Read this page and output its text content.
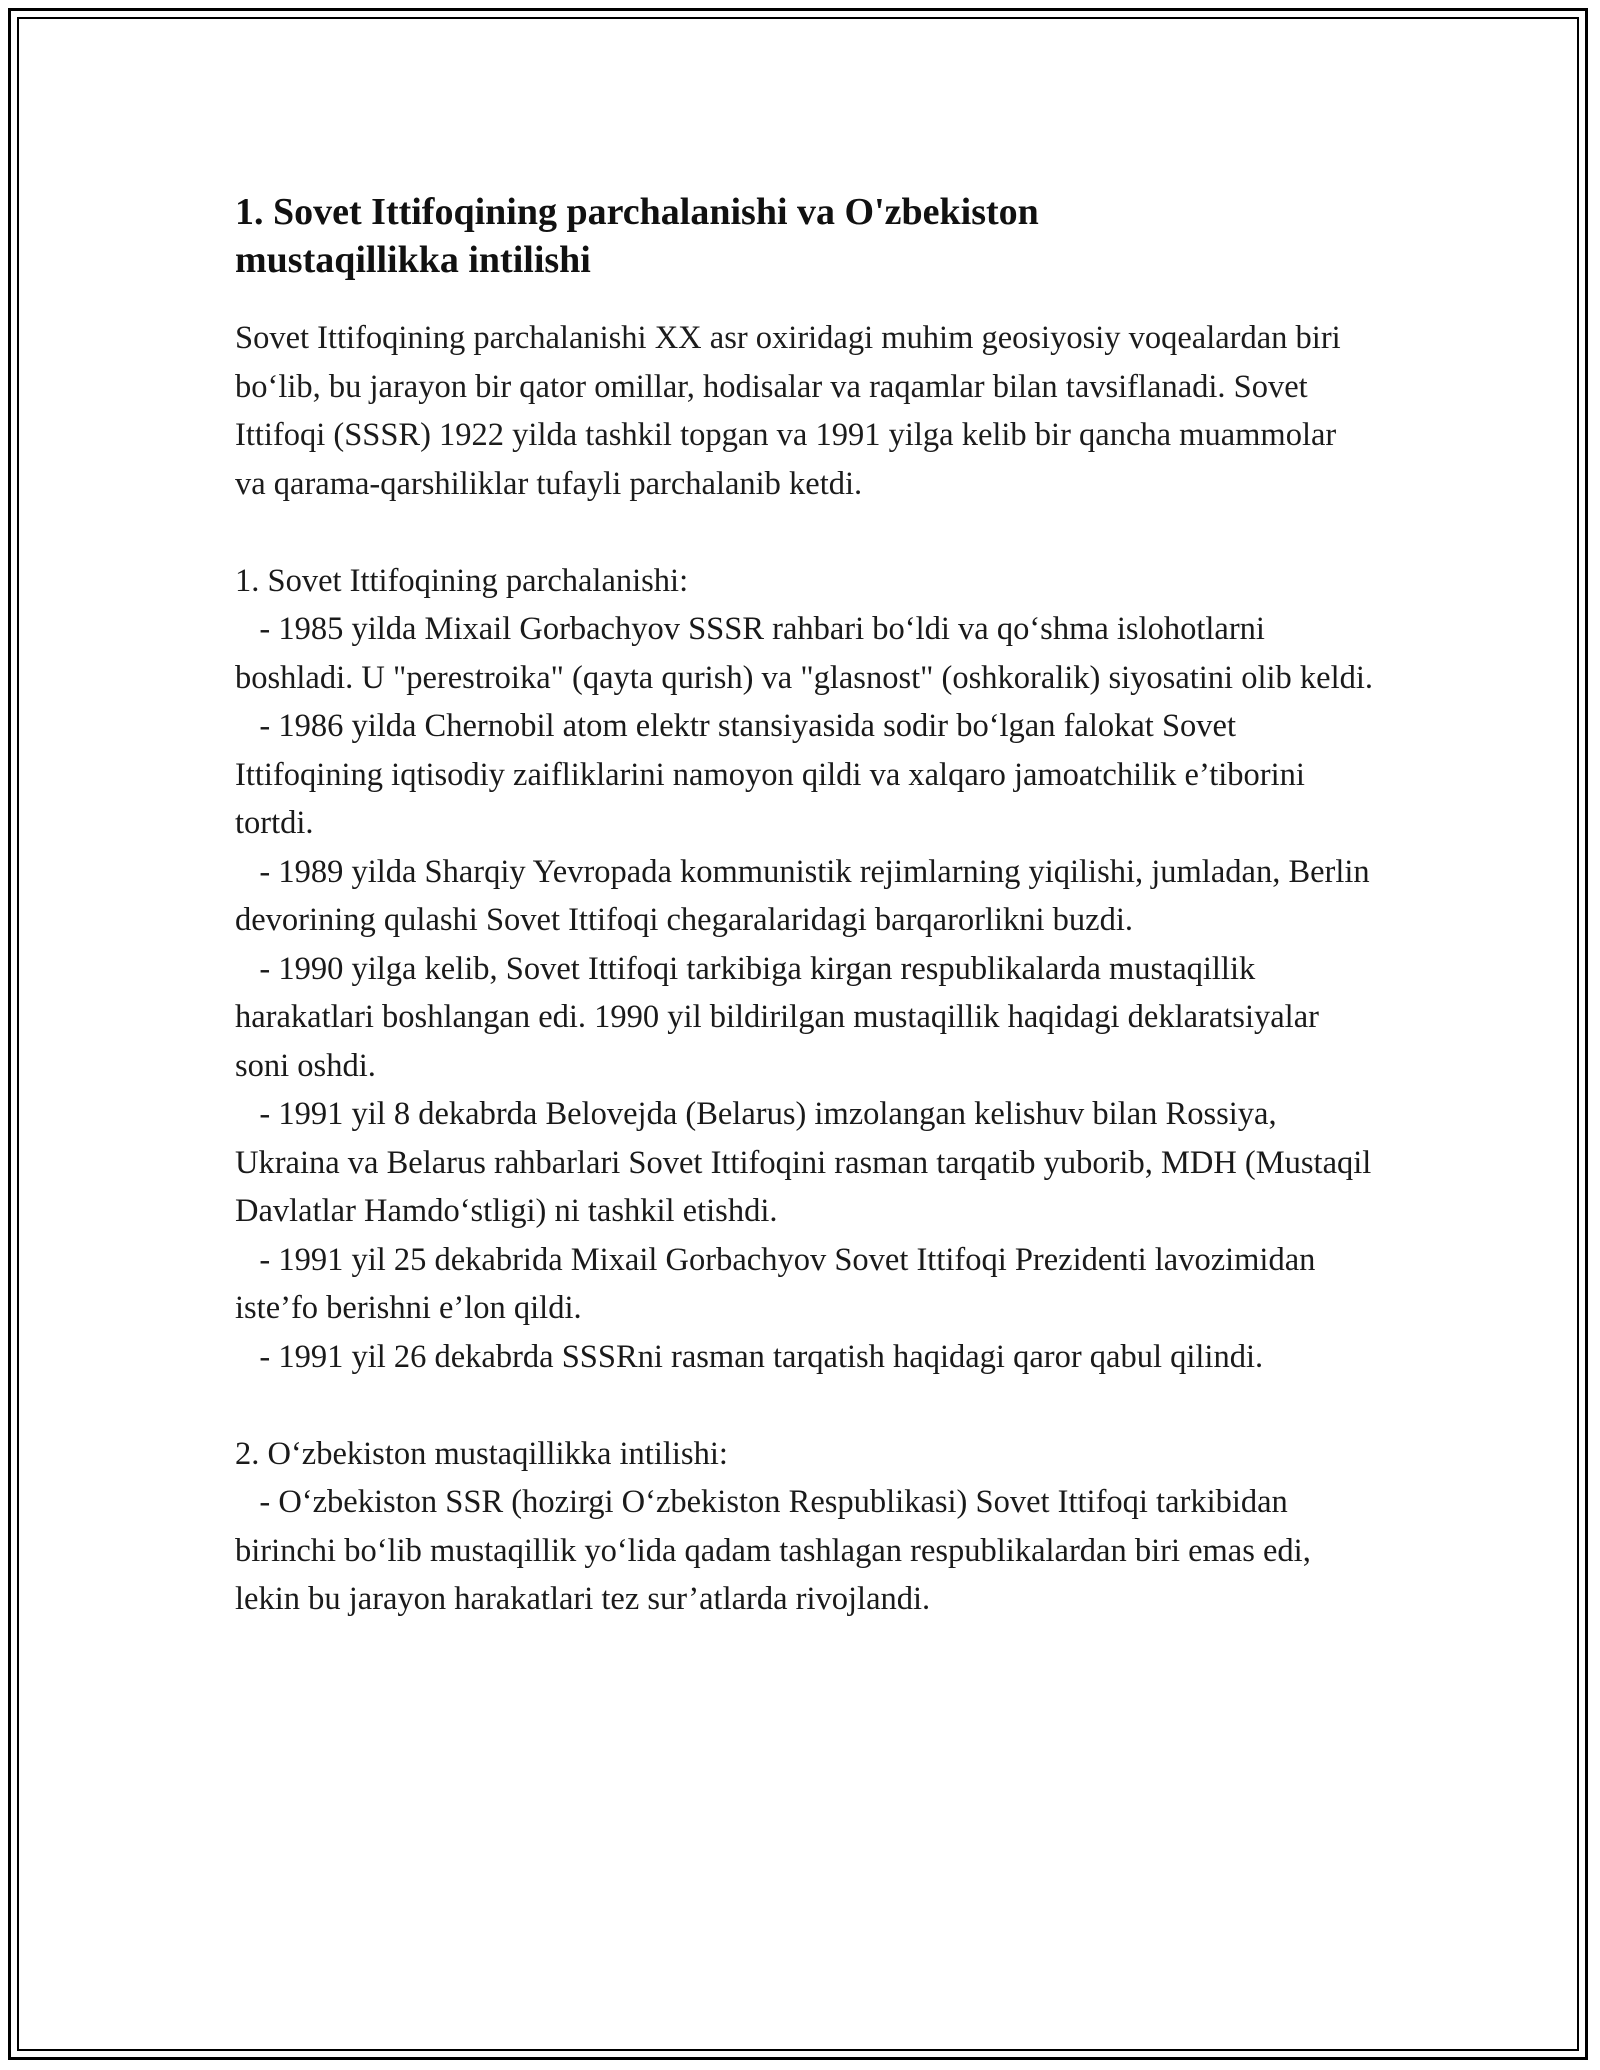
1. Sovet Ittifoqining parchalanishi va O'zbekiston
mustaqillikka intilishi

Sovet Ittifoqining parchalanishi XX asr oxiridagi muhim geosiyosiy voqealardan biri boʻlib, bu jarayon bir qator omillar, hodisalar va raqamlar bilan tavsiflanadi. Sovet Ittifoqi (SSSR) 1922 yilda tashkil topgan va 1991 yilga kelib bir qancha muammolar va qarama-qarshiliklar tufayli parchalanib ketdi.

1. Sovet Ittifoqining parchalanishi:

- 1985 yilda Mixail Gorbachyov SSSR rahbari boʻldi va qoʻshma islohotlarni boshladi. U "perestroika" (qayta qurish) va "glasnost" (oshkoralik) siyosatini olib keldi.

- 1986 yilda Chernobil atom elektr stansiyasida sodir boʻlgan falokat Sovet Ittifoqining iqtisodiy zaifliklarini namoyon qildi va xalqaro jamoatchilik e’tiborini tortdi.

- 1989 yilda Sharqiy Yevropada kommunistik rejimlarning yiqilishi, jumladan, Berlin devorining qulashi Sovet Ittifoqi chegaralaridagi barqarorlikni buzdi.

- 1990 yilga kelib, Sovet Ittifoqi tarkibiga kirgan respublikalarda mustaqillik harakatlari boshlangan edi. 1990 yil bildirilgan mustaqillik haqidagi deklaratsiyalar soni oshdi.

- 1991 yil 8 dekabrda Belovejda (Belarus) imzolangan kelishuv bilan Rossiya, Ukraina va Belarus rahbarlari Sovet Ittifoqini rasman tarqatib yuborib, MDH (Mustaqil Davlatlar Hamdoʻstligi) ni tashkil etishdi.

- 1991 yil 25 dekabrida Mixail Gorbachyov Sovet Ittifoqi Prezidenti lavozimidan iste’fo berishni e’lon qildi.

- 1991 yil 26 dekabrda SSSRni rasman tarqatish haqidagi qaror qabul qilindi.

2. Oʻzbekiston mustaqillikka intilishi:

- Oʻzbekiston SSR (hozirgi Oʻzbekiston Respublikasi) Sovet Ittifoqi tarkibidan birinchi boʻlib mustaqillik yoʻlida qadam tashlagan respublikalardan biri emas edi, lekin bu jarayon harakatlari tez sur’atlarda rivojlandi.
